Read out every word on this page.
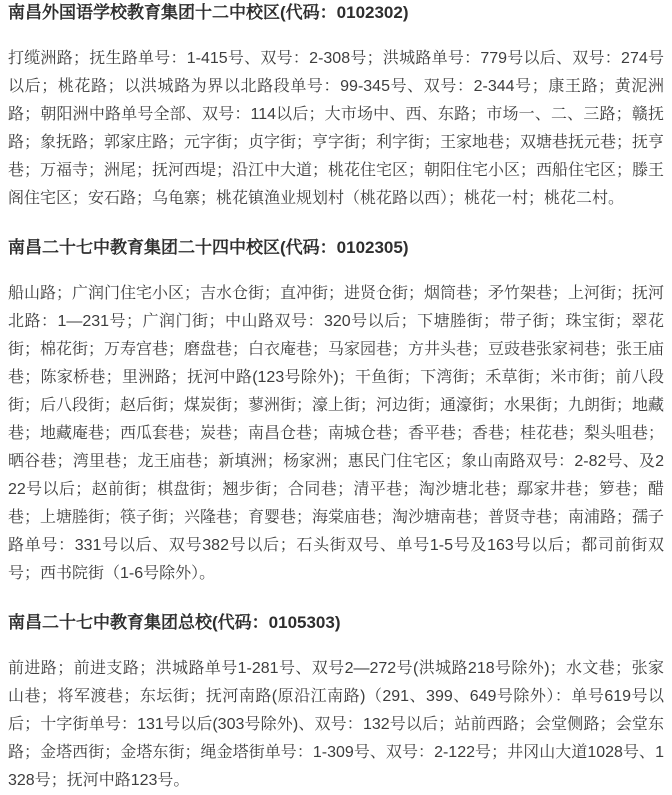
南昌外国语学校教育集团十二中校区(代码：0102302)

打缆洲路；抚生路单号：1-415号、双号：2-308号；洪城路单号：779号以后、双号：274号以后；桃花路；以洪城路为界以北路段单号：99-345号、双号：2-344号；康王路；黄泥洲路；朝阳洲中路单号全部、双号：114以后；大市场中、西、东路；市场一、二、三路；赣抚路；象抚路；郭家庄路；元字街；贞字街；亨字街；利字街；王家地巷；双塘巷抚元巷；抚亨巷；万福寺；洲尾；抚河西堤；沿江中大道；桃花住宅区；朝阳住宅小区；西船住宅区；滕王阁住宅区；安石路；乌龟寨；桃花镇渔业规划村（桃花路以西）；桃花一村；桃花二村。

南昌二十七中教育集团二十四中校区(代码：0102305)

船山路；广润门住宅小区；吉水仓街；直冲街；进贤仓街；烟筒巷；矛竹架巷；上河街；抚河北路：1—231号；广润门街；中山路双号：320号以后；下塘塍街；带子街；珠宝街；翠花街；棉花街；万寿宫巷；磨盘巷；白衣庵巷；马家园巷；方井头巷；豆豉巷张家祠巷；张王庙巷；陈家桥巷；里洲路；抚河中路(123号除外)；干鱼街；下湾街；禾草街；米市街；前八段街；后八段街；赵后街；煤炭街；蓼洲街；濠上街；河边街；通濠街；水果街；九朗街；地藏巷；地藏庵巷；西瓜套巷；炭巷；南昌仓巷；南城仓巷；香平巷；香巷；桂花巷；梨头咀巷；晒谷巷；湾里巷；龙王庙巷；新填洲；杨家洲；惠民门住宅区；象山南路双号：2-82号、及222号以后；赵前街；棋盘街；翘步街；合同巷；清平巷；淘沙塘北巷；鄢家井巷；箩巷；醋巷；上塘塍街；筷子街；兴隆巷；育婴巷；海棠庙巷；淘沙塘南巷；普贤寺巷；南浦路；孺子路单号：331号以后、双号382号以后；石头街双号、单号1-5号及163号以后；都司前街双号；西书院街（1-6号除外）。

南昌二十七中教育集团总校(代码：0105303)

前进路；前进支路；洪城路单号1-281号、双号2—272号(洪城路218号除外)；水文巷；张家山巷；将军渡巷；东坛街；抚河南路(原沿江南路)（291、399、649号除外）：单号619号以后；十字街单号：131号以后(303号除外)、双号：132号以后；站前西路；会堂侧路；会堂东路；金塔西街；金塔东街；绳金塔街单号：1-309号、双号：2-122号；井冈山大道1028号、1328号；抚河中路123号。
